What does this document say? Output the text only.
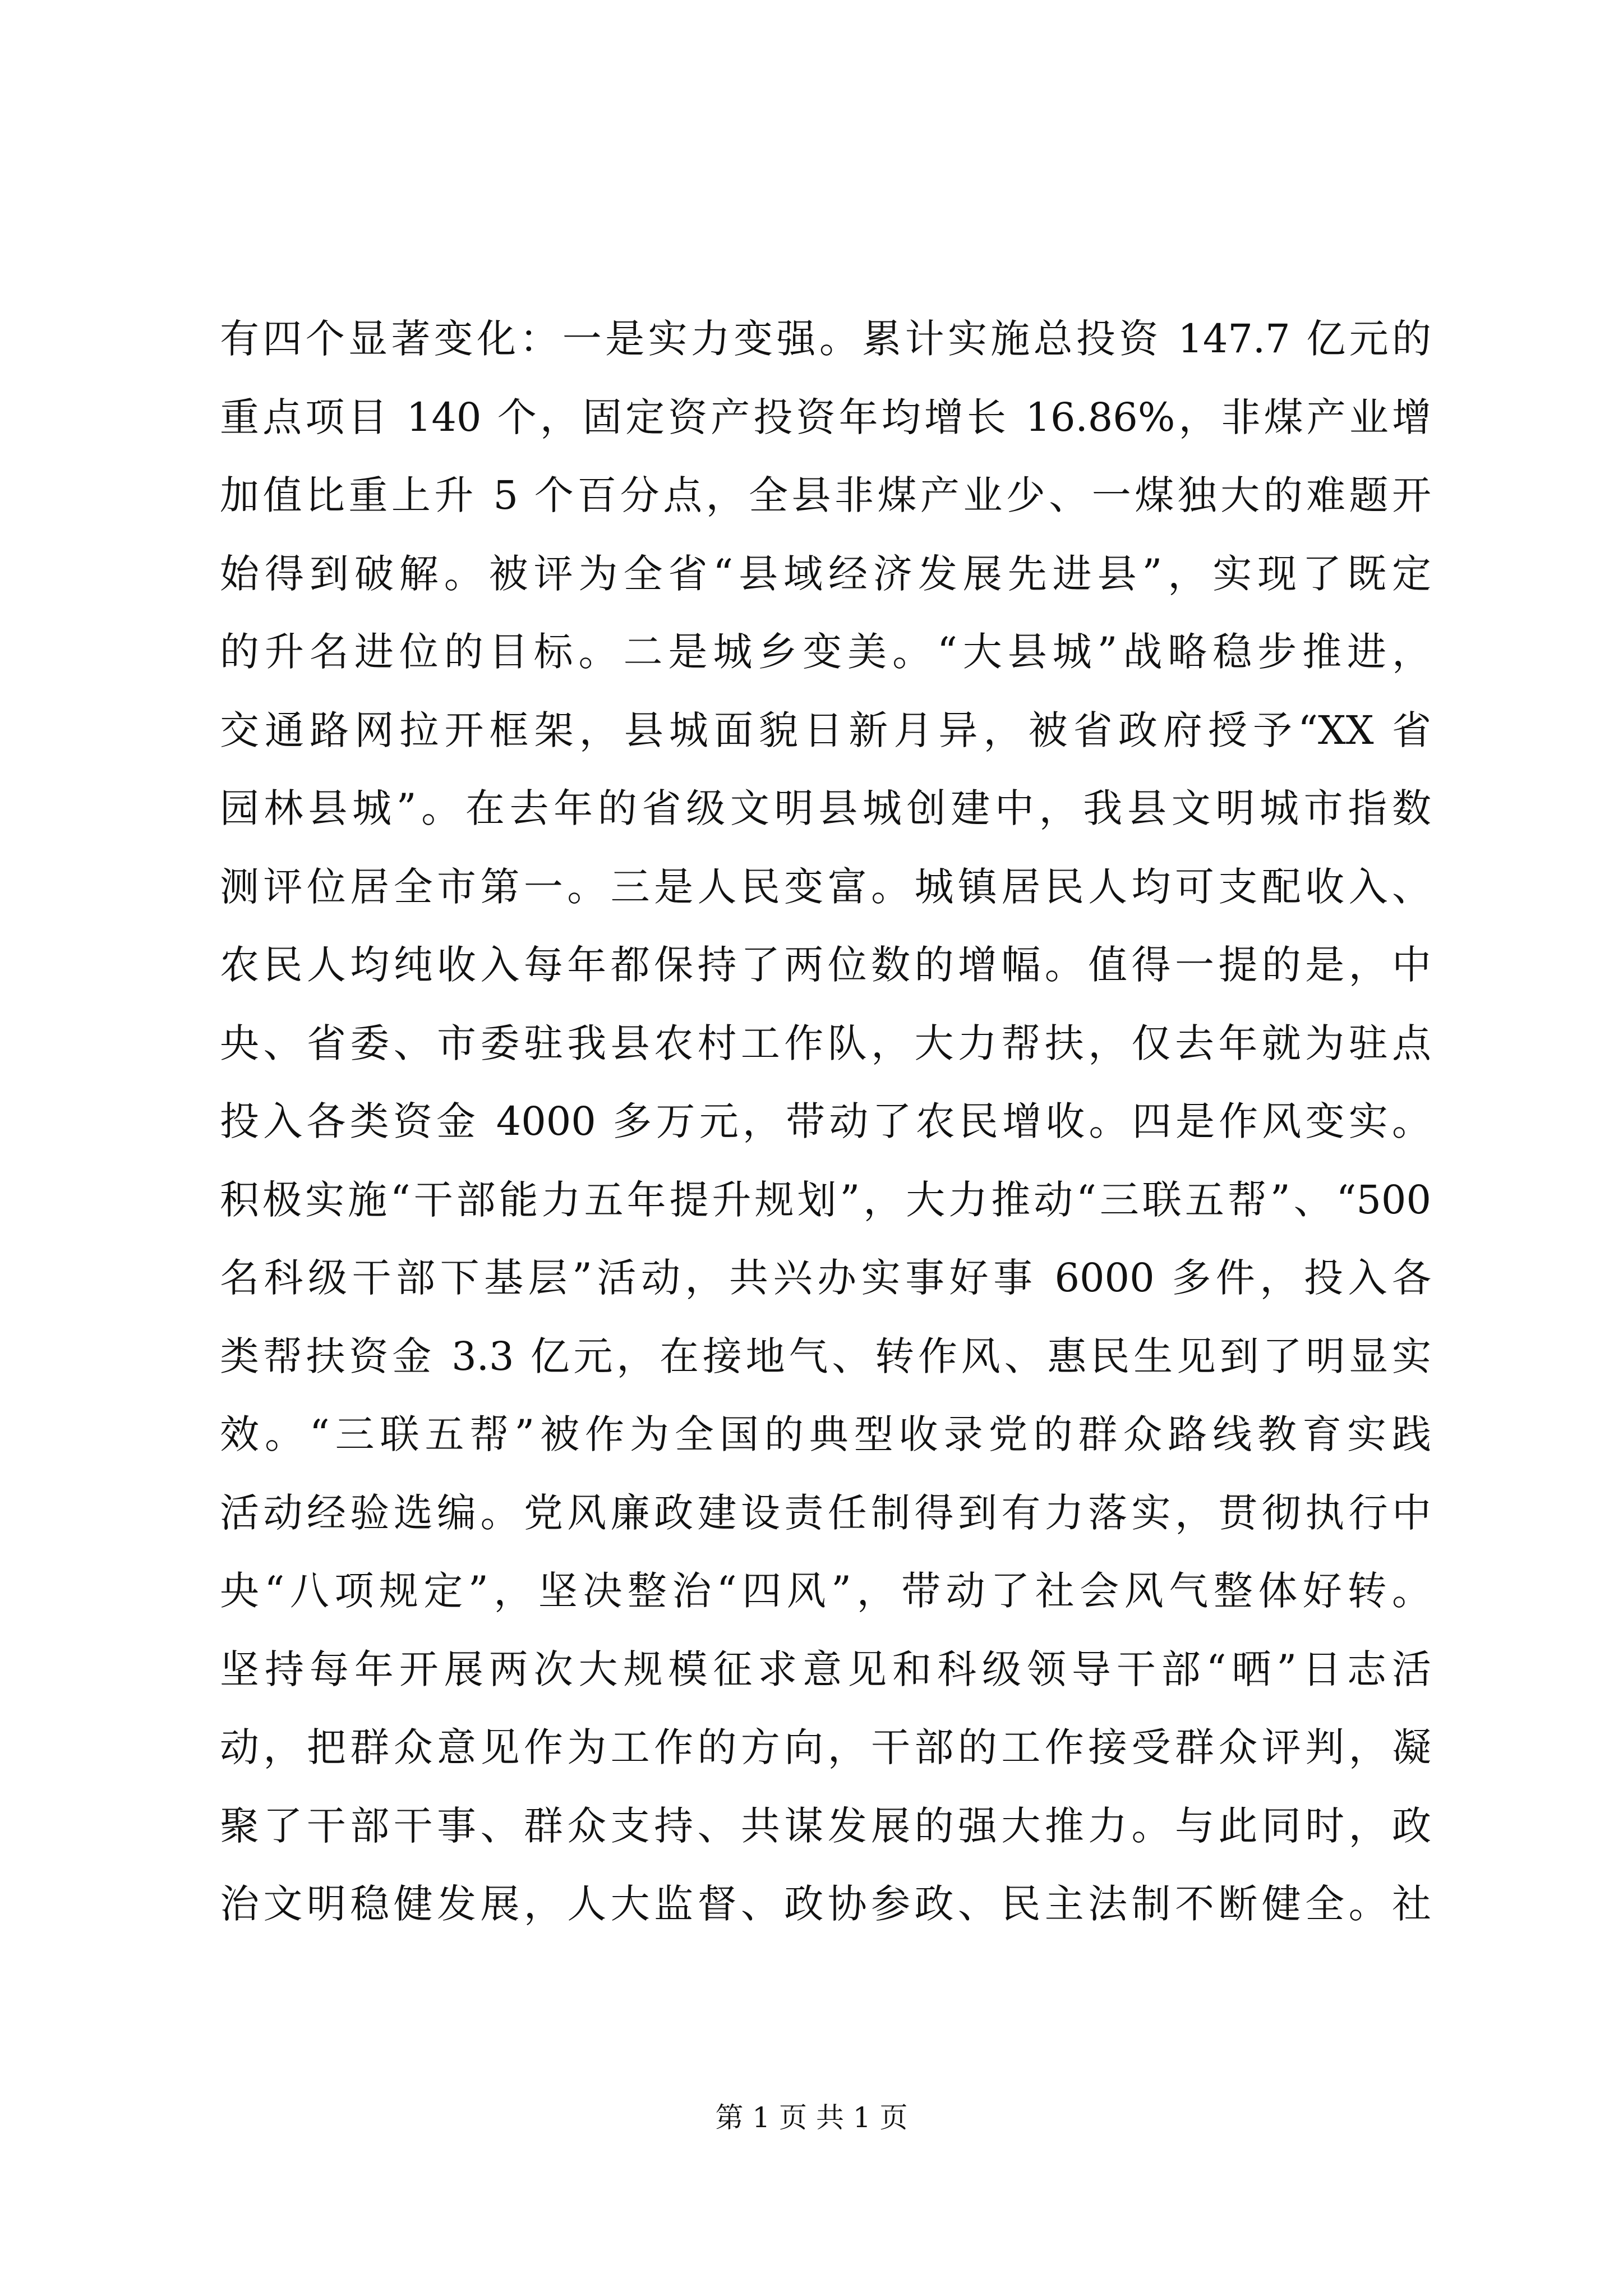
有四个显著变化：一是实力变强。累计实施总投资 147.7 亿元的
重点项目 140 个，固定资产投资年均增长 16.86%，非煤产业增
加值比重上升 5 个百分点，全县非煤产业少、一煤独大的难题开
始得到破解。被评为全省“县域经济发展先进县”，实现了既定
的升名进位的目标。二是城乡变美。“大县城”战略稳步推进，
交通路网拉开框架，县城面貌日新月异，被省政府授予“XX 省
园林县城”。在去年的省级文明县城创建中，我县文明城市指数
测评位居全市第一。三是人民变富。城镇居民人均可支配收入、
农民人均纯收入每年都保持了两位数的增幅。值得一提的是，中
央、省委、市委驻我县农村工作队，大力帮扶，仅去年就为驻点
投入各类资金 4000 多万元，带动了农民增收。四是作风变实。
积极实施“干部能力五年提升规划”，大力推动“三联五帮”、“500
名科级干部下基层”活动，共兴办实事好事 6000 多件，投入各
类帮扶资金 3.3 亿元，在接地气、转作风、惠民生见到了明显实
效。“三联五帮”被作为全国的典型收录党的群众路线教育实践
活动经验选编。党风廉政建设责任制得到有力落实，贯彻执行中
央“八项规定”，坚决整治“四风”，带动了社会风气整体好转。
坚持每年开展两次大规模征求意见和科级领导干部“晒”日志活
动，把群众意见作为工作的方向，干部的工作接受群众评判，凝
聚了干部干事、群众支持、共谋发展的强大推力。与此同时，政
治文明稳健发展，人大监督、政协参政、民主法制不断健全。社
第 1 页 共 1 页
